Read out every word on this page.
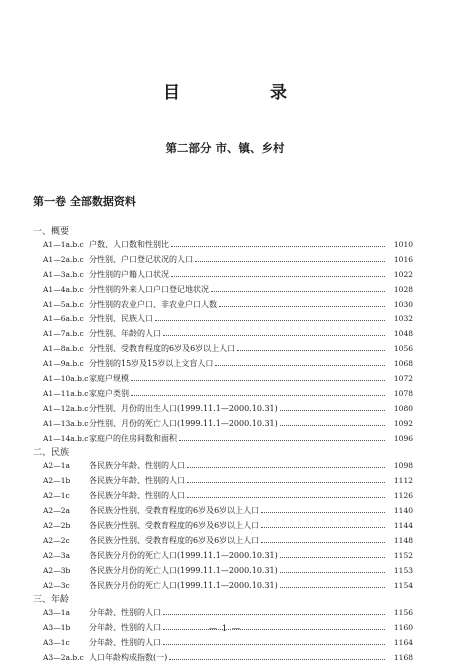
目 录
第二部分 市、镇、乡村
第一卷 全部数据资料
一、概要
A1—1a.b.c 户数、人口数和性别比	1010
A1—2a.b.c 分性别、户口登记状况的人口	1016
A1—3a.b.c 分性别的户籍人口状况	1022
A1—4a.b.c 分性别的外来人口户口登记地状况	1028
A1—5a.b.c 分性别的农业户口、非农业户口人数	1030
A1—6a.b.c 分性别、民族人口	1032
A1—7a.b.c 分性别、年龄的人口	1048
A1—8a.b.c 分性别、受教育程度的6岁及6岁以上人口	1056
A1—9a.b.c 分性别的15岁及15岁以上文盲人口	1068
A1—10a.b.c 家庭户规模	1072
A1—11a.b.c 家庭户类别	1078
A1—12a.b.c 分性别、月份的出生人口(1999.11.1—2000.10.31)	1080
A1—13a.b.c 分性别、月份的死亡人口(1999.11.1—2000.10.31)	1092
A1—14a.b.c 家庭户的住房间数和面积	1096
二、民族
A2—1a	各民族分年龄、性别的人口	1098
A2—1b	各民族分年龄、性别的人口	1112
A2—1c	各民族分年龄、性别的人口	1126
A2—2a	各民族分性别、受教育程度的6岁及6岁以上人口	1140
A2—2b	各民族分性别、受教育程度的6岁及6岁以上人口	1144
A2—2c	各民族分性别、受教育程度的6岁及6岁以上人口	1148
A2—3a	各民族分月份的死亡人口(1999.11.1—2000.10.31)	1152
A2—3b	各民族分月份的死亡人口(1999.11.1—2000.10.31)	1153
A2—3c	各民族分月份的死亡人口(1999.11.1—2000.10.31)	1154
三、年龄
A3—1a	分年龄、性别的人口	1156
A3—1b	分年龄、性别的人口	1160
A3—1c	分年龄、性别的人口	1164
A3—2a.b.c 人口年龄构成指数(一)	1168
— 1 —
